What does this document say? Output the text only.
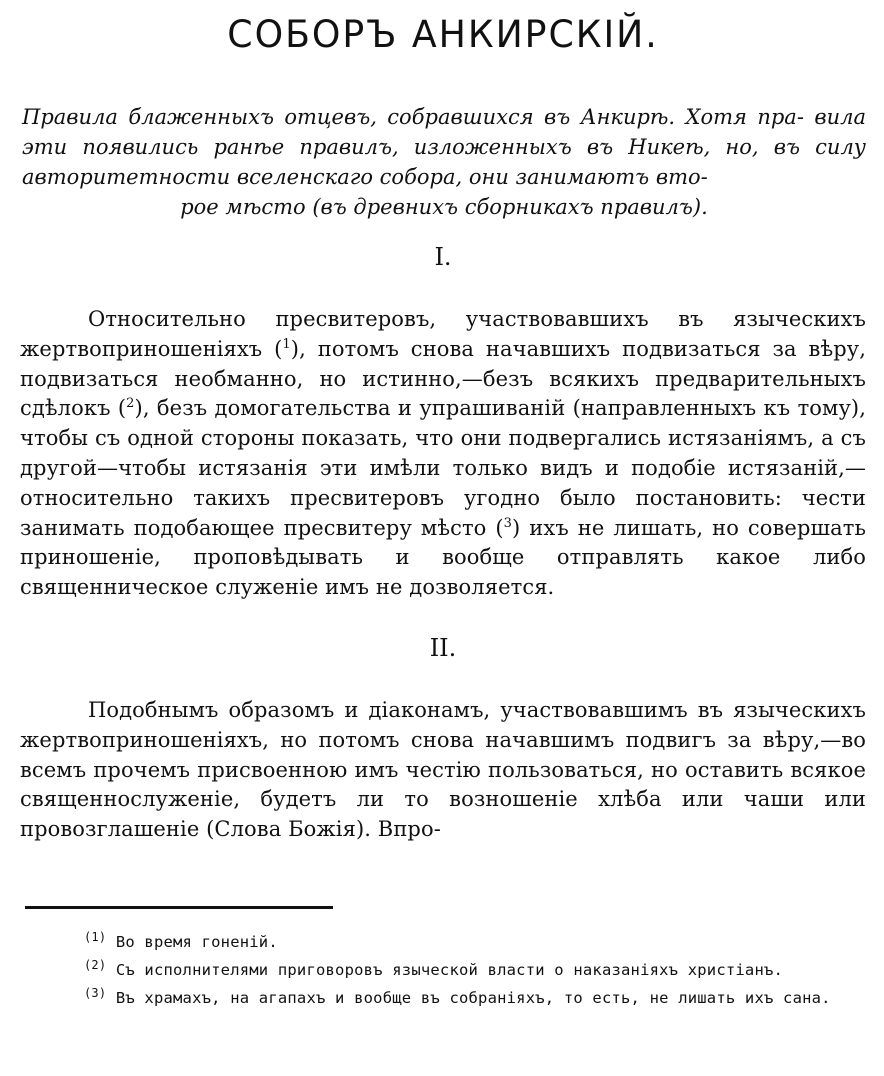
СОБОРЪ АНКИРСКІЙ.

Правила блаженныхъ отцевъ, собравшихся въ Анкирѣ. Хотя пра- вила эти появились ранѣе правилъ, изложенныхъ въ Никеѣ, но, въ силу авторитетности вселенскаго собора, они занимаютъ вто-
рое мѣсто (въ древнихъ сборникахъ правилъ).

I.

Относительно пресвитеровъ, участвовавшихъ въ языческихъ жертвоприношеніяхъ ($^1$), потомъ снова начавшихъ подвизаться за вѣру, подвизаться необманно, но истинно,—безъ всякихъ предварительныхъ сдѣлокъ ($^2$), безъ домогательства и упрашиваній (направленныхъ къ тому), чтобы съ одной стороны показать, что они подвергались истязаніямъ, а съ другой—чтобы истязанія эти имѣли только видъ и подобіе истязаній,—относительно такихъ пресвитеровъ угодно было постановить: чести занимать подобающее пресвитеру мѣсто ($^3$) ихъ не лишать, но совершать приношеніе, проповѣдывать и вообще отправлять какое либо священническое служеніе имъ не дозволяется.

II.

Подобнымъ образомъ и діаконамъ, участвовавшимъ въ языческихъ жертвоприношеніяхъ, но потомъ снова начавшимъ подвигъ за вѣру,—во всемъ прочемъ присвоенною имъ честію пользоваться, но оставить всякое священнослуженіе, будетъ ли то возношеніе хлѣба или чаши или провозглашеніе (Слова Божія). Впро-

$^{(1)}$ Во время гоненій.

$^{(2)}$ Съ исполнителями приговоровъ языческой власти о наказаніяхъ христіанъ.

$^{(3)}$ Въ храмахъ, на агапахъ и вообще въ собраніяхъ, то есть, не лишать ихъ сана.
